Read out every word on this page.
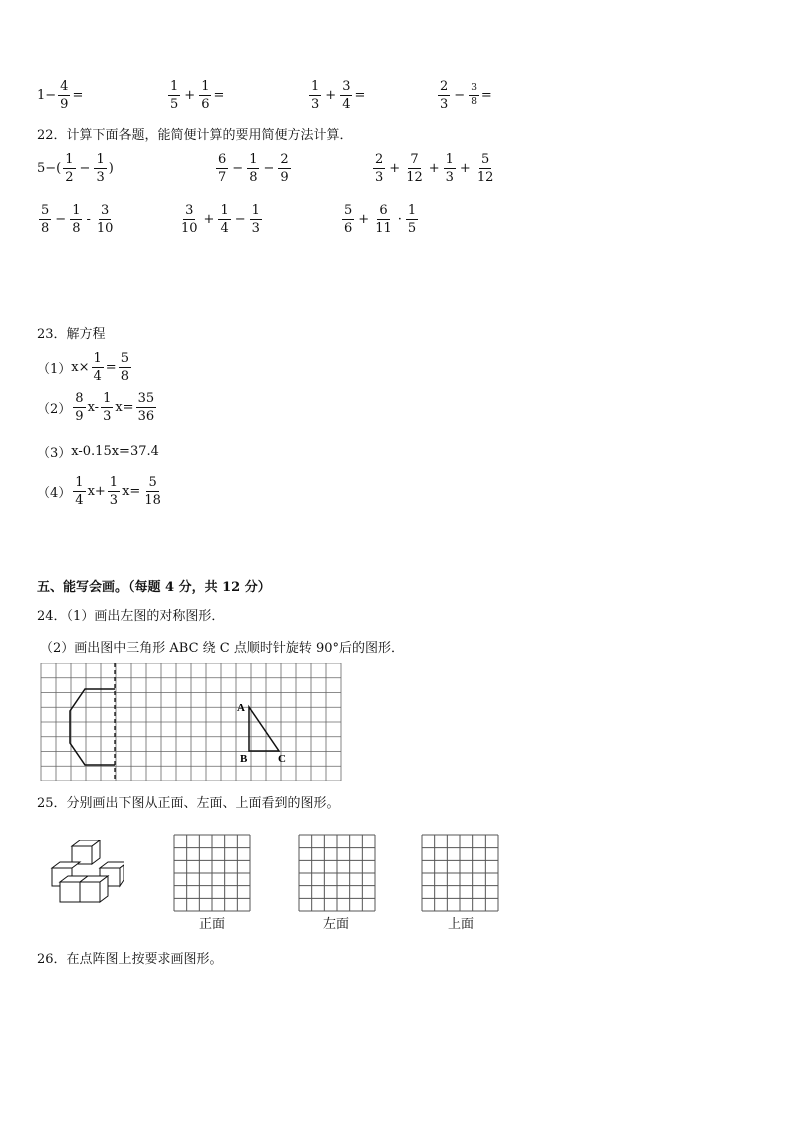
$1- \frac{4}{9}$ =	$\frac{1}{5} + \frac{1}{6}$ =	$\frac{1}{3} + \frac{3}{4}$ =	$\frac{2}{3} - \frac{3}{8}$ =
22．计算下面各题，能简便计算的要用简便方法计算．
$5-( \frac{1}{2} - \frac{1}{3}$ )	$\frac{6}{7} - \frac{1}{8} - \frac{2}{9}$	$\frac{2}{3} + \frac{7}{12} + \frac{1}{3} + \frac{5}{12}$
$\frac{5}{8} - \frac{1}{8} - \frac{3}{10}$	$\frac{3}{10} + \frac{1}{4} - \frac{1}{3}$	$\frac{5}{6} + \frac{6}{11} \cdot \frac{1}{5}$
23．解方程
（1） $x\times \frac{1}{4} = \frac{5}{8}$
$(2) \frac{8}{9} x- \frac{1}{3} x= \frac{35}{36}$
（3） x-0.15x=37.4
$(4) \frac{1}{4} x+ \frac{1}{3} x= \frac{5}{18}$
五、能写会画。（每题 4 分，共 12 分）
24．（1）画出左图的对称图形．
（2）画出图中三角形 ABC 绕 C 点顺时针旋转 90°后的图形．
A
B	C
25．分别画出下图从正面、左面、上面看到的图形。
正面	左面	上面
26．在点阵图上按要求画图形。
